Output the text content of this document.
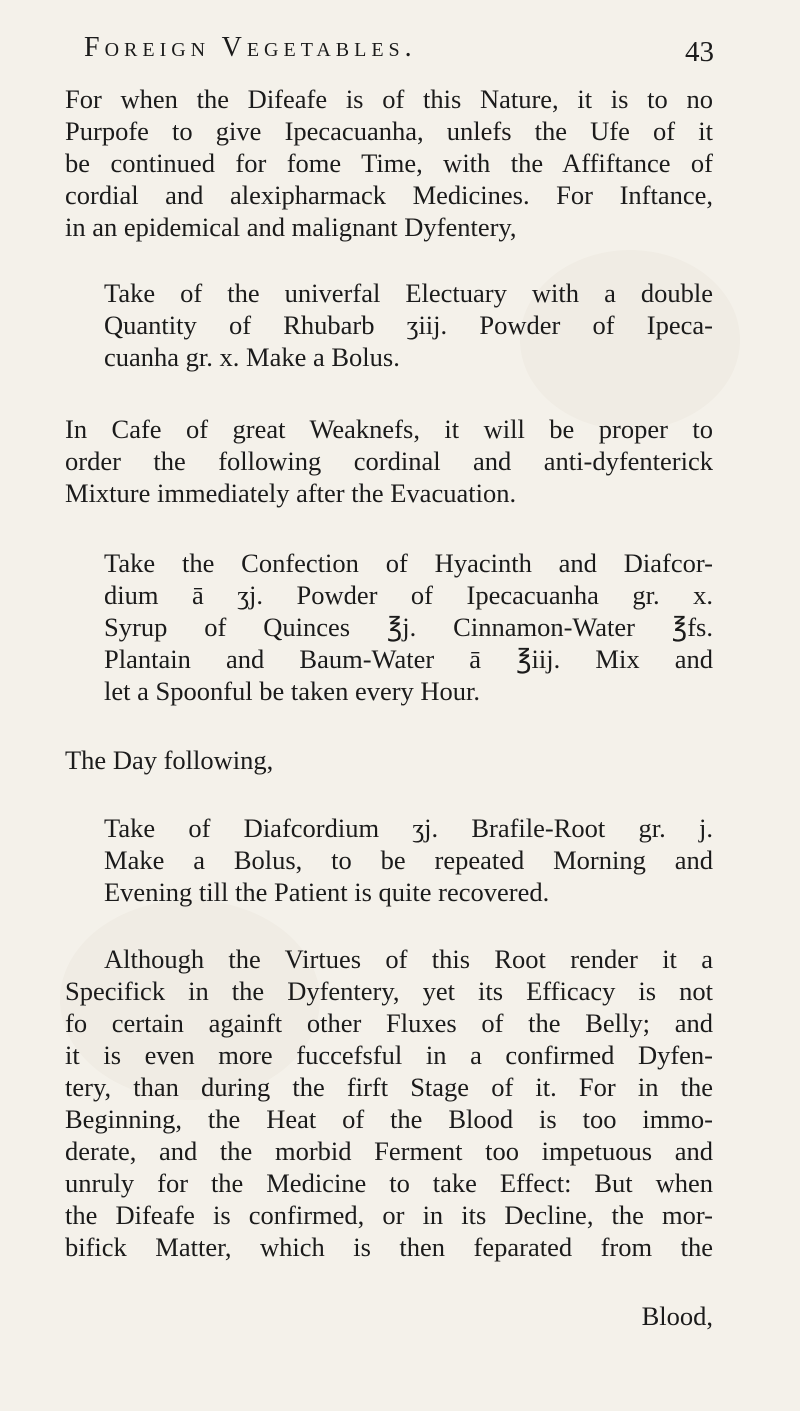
Foreign Vegetables.	43
For when the Difeafe is of this Nature, it is to no
Purpofe to give Ipecacuanha, unlefs the Ufe of it
be continued for fome Time, with the Affiftance of
cordial and alexipharmack Medicines. For Inftance,
in an epidemical and malignant Dyfentery,
Take of the univerfal Electuary with a double
Quantity of Rhubarb ʒiij. Powder of Ipeca-
cuanha gr. x. Make a Bolus.
In Cafe of great Weaknefs, it will be proper to
order the following cordinal and anti-dyfenterick
Mixture immediately after the Evacuation.
Take the Confection of Hyacinth and Diafcor-
dium ā ʒj. Powder of Ipecacuanha gr. x.
Syrup of Quinces ℥j. Cinnamon-Water ℥fs.
Plantain and Baum-Water ā ℥iij. Mix and
let a Spoonful be taken every Hour.
The Day following,
Take of Diafcordium ʒj. Brafile-Root gr. j.
Make a Bolus, to be repeated Morning and
Evening till the Patient is quite recovered.
Although the Virtues of this Root render it a
Specifick in the Dyfentery, yet its Efficacy is not
fo certain againft other Fluxes of the Belly; and
it is even more fuccefsful in a confirmed Dyfen-
tery, than during the firft Stage of it. For in the
Beginning, the Heat of the Blood is too immo-
derate, and the morbid Ferment too impetuous and
unruly for the Medicine to take Effect: But when
the Difeafe is confirmed, or in its Decline, the mor-
bifick Matter, which is then feparated from the
Blood,
